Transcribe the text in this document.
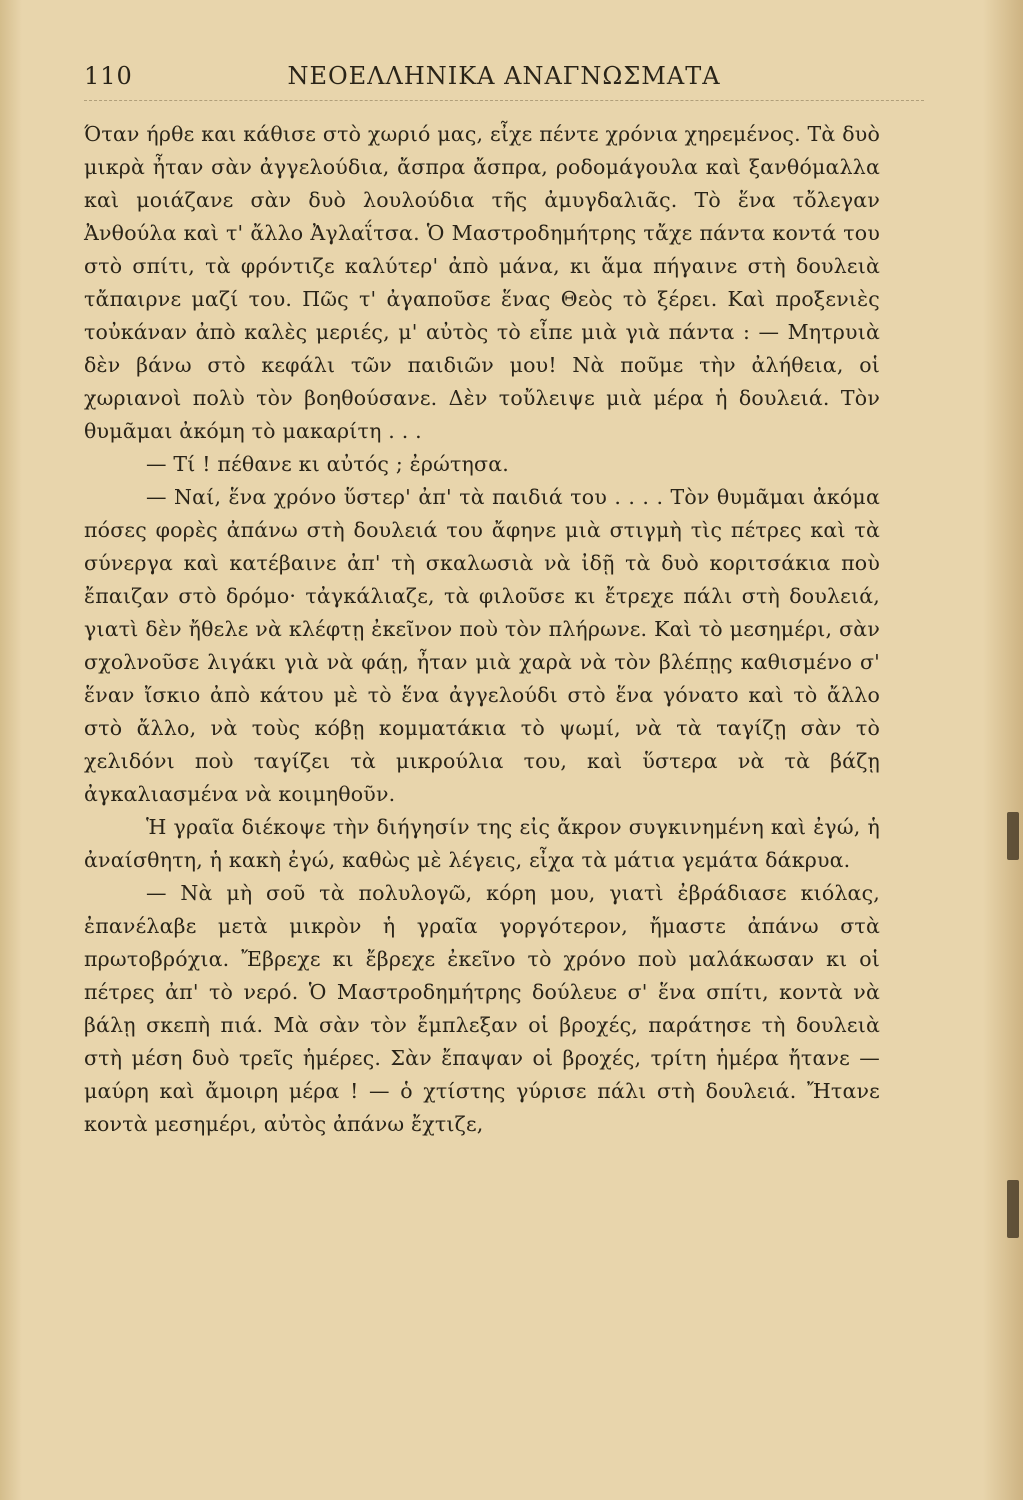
110	ΝΕΟΕΛΛΗΝΙΚΑ ΑΝΑΓΝΩΣΜΑΤΑ

Όταν ήρθε και κάθισε στὸ χωριό μας, εἶχε πέντε χρόνια χηρεμένος. Τὰ δυὸ μικρὰ ἦταν σὰν ἀγγελούδια, ἄσπρα ἄσπρα, ροδομάγουλα καὶ ξανθόμαλλα καὶ μοιάζανε σὰν δυὸ λουλούδια τῆς ἀμυγδαλιᾶς. Τὸ ἕνα τὄλεγαν Ἀνθούλα καὶ τ' ἄλλο Ἀγλαΐτσα. Ὁ Μαστροδημήτρης τἄχε πάντα κοντά του στὸ σπίτι, τὰ φρόντιζε καλύτερ' ἀπὸ μάνα, κι ἅμα πήγαινε στὴ δουλειὰ τἄπαιρνε μαζί του. Πῶς τ' ἀγαποῦσε ἕνας Θεὸς τὸ ξέρει. Καὶ προξενιὲς τοὐκάναν ἀπὸ καλὲς μεριές, μ' αὐτὸς τὸ εἶπε μιὰ γιὰ πάντα : — Μητρυιὰ δὲν βάνω στὸ κεφάλι τῶν παιδιῶν μου! Νὰ ποῦμε τὴν ἀλήθεια, οἱ χωριανοὶ πολὺ τὸν βοηθούσανε. Δὲν τοὔλειψε μιὰ μέρα ἡ δουλειά. Τὸν θυμᾶμαι ἀκόμη τὸ μακαρίτη . . .

— Τί ! πέθανε κι αὐτός ; ἐρώτησα.

— Ναί, ἕνα χρόνο ὕστερ' ἀπ' τὰ παιδιά του . . . . Τὸν θυμᾶμαι ἀκόμα πόσες φορὲς ἀπάνω στὴ δουλειά του ἄφηνε μιὰ στιγμὴ τὶς πέτρες καὶ τὰ σύνεργα καὶ κατέβαινε ἀπ' τὴ σκαλωσιὰ νὰ ἰδῇ τὰ δυὸ κοριτσάκια ποὺ ἔπαιζαν στὸ δρόμο· τἀγκάλιαζε, τὰ φιλοῦσε κι ἔτρεχε πάλι στὴ δουλειά, γιατὶ δὲν ἤθελε νὰ κλέφτῃ ἐκεῖνον ποὺ τὸν πλήρωνε. Καὶ τὸ μεσημέρι, σὰν σχολνοῦσε λιγάκι γιὰ νὰ φάῃ, ἦταν μιὰ χαρὰ νὰ τὸν βλέπῃς καθισμένο σ' ἕναν ἴσκιο ἀπὸ κάτου μὲ τὸ ἕνα ἀγγελούδι στὸ ἕνα γόνατο καὶ τὸ ἄλλο στὸ ἄλλο, νὰ τοὺς κόβῃ κομματάκια τὸ ψωμί, νὰ τὰ ταγίζῃ σὰν τὸ χελιδόνι ποὺ ταγίζει τὰ μικρούλια του, καὶ ὕστερα νὰ τὰ βάζῃ ἀγκαλιασμένα νὰ κοιμηθοῦν.

Ἡ γραῖα διέκοψε τὴν διήγησίν της εἰς ἄκρον συγκινημένη καὶ ἐγώ, ἡ ἀναίσθητη, ἡ κακὴ ἐγώ, καθὼς μὲ λέγεις, εἶχα τὰ μάτια γεμάτα δάκρυα.

— Νὰ μὴ σοῦ τὰ πολυλογῶ, κόρη μου, γιατὶ ἐβράδιασε κιόλας, ἐπανέλαβε μετὰ μικρὸν ἡ γραῖα γοργότερον, ἤμαστε ἀπάνω στὰ πρωτοβρόχια. Ἔβρεχε κι ἔβρεχε ἐκεῖνο τὸ χρόνο ποὺ μαλάκωσαν κι οἱ πέτρες ἀπ' τὸ νερό. Ὁ Μαστροδημήτρης δούλευε σ' ἕνα σπίτι, κοντὰ νὰ βάλῃ σκεπὴ πιά. Μὰ σὰν τὸν ἔμπλεξαν οἱ βροχές, παράτησε τὴ δουλειὰ στὴ μέση δυὸ τρεῖς ἡμέρες. Σὰν ἔπαψαν οἱ βροχές, τρίτη ἡμέρα ἤτανε — μαύρη καὶ ἄμοιρη μέρα ! — ὁ χτίστης γύρισε πάλι στὴ δουλειά. Ἤτανε κοντὰ μεσημέρι, αὐτὸς ἀπάνω ἔχτιζε,
